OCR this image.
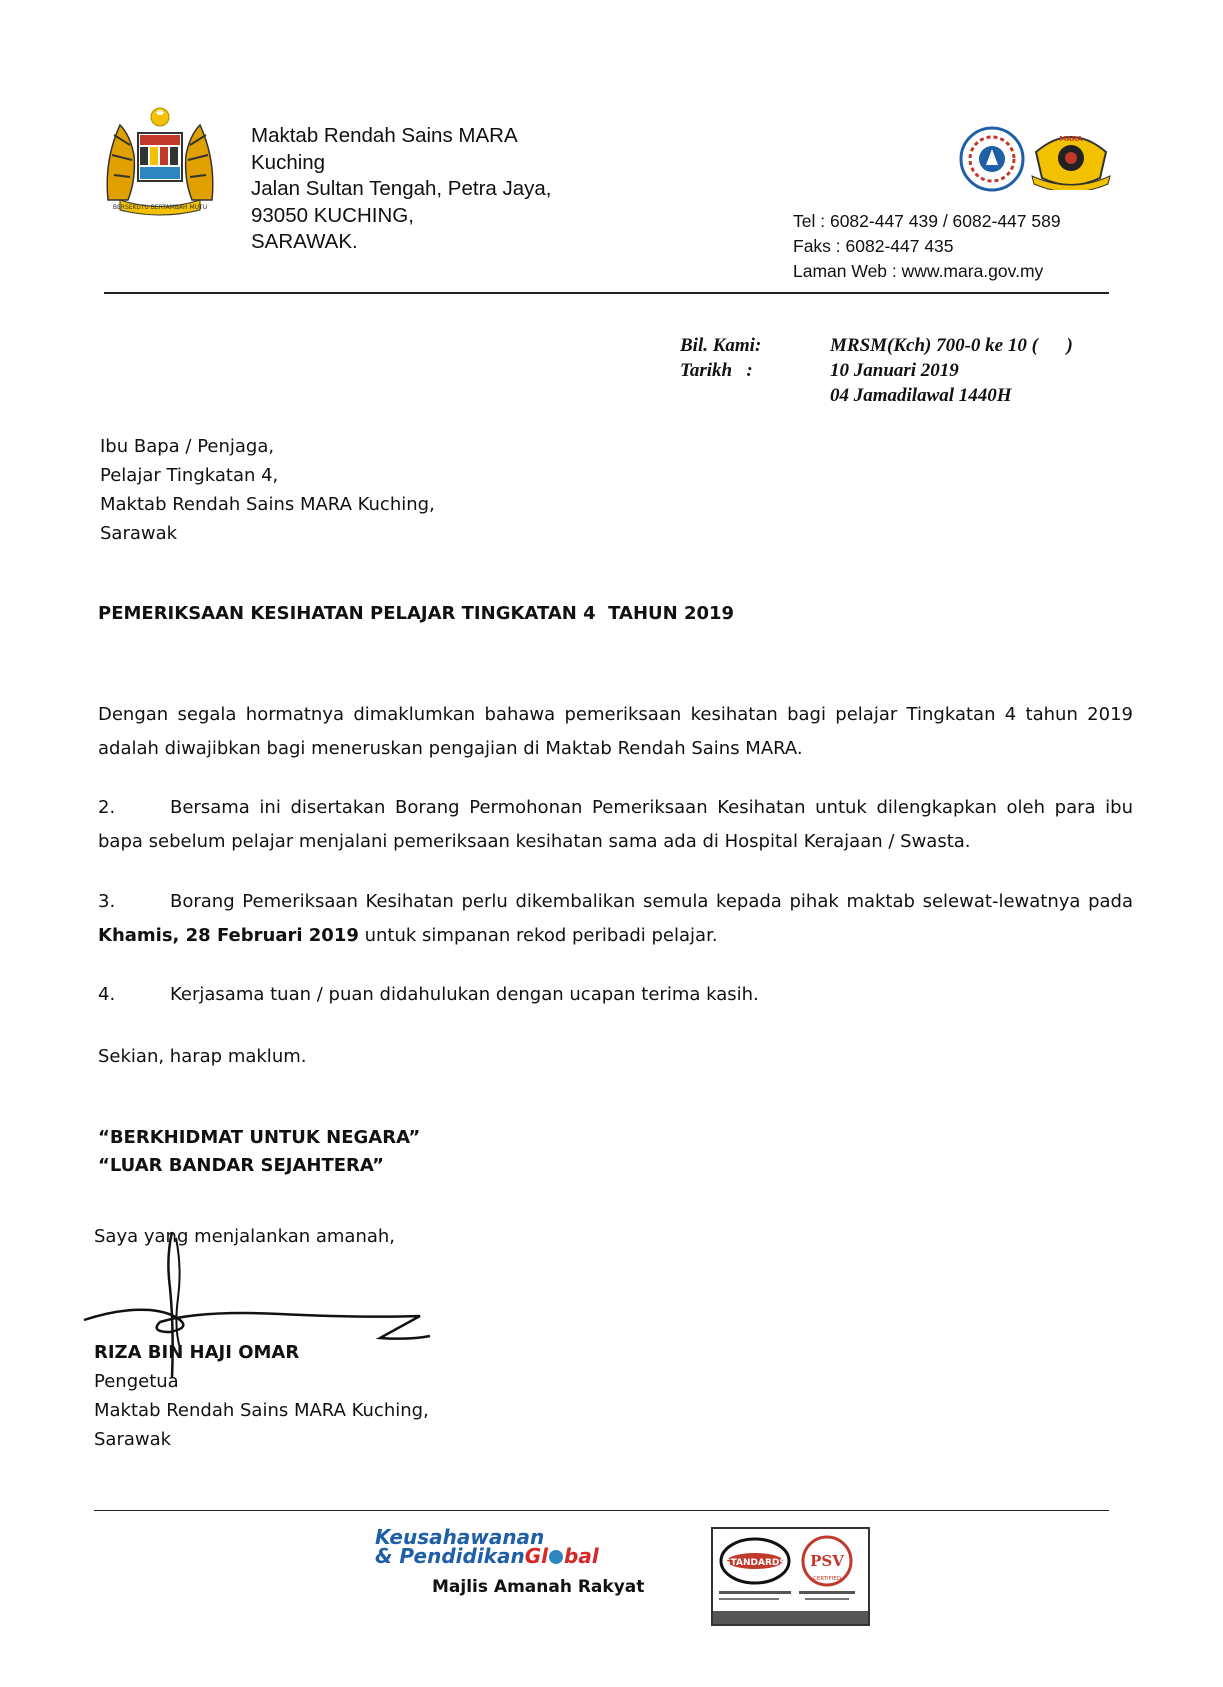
BERSEKUTU BERTAMBAH MUTU
Maktab Rendah Sains MARA
Kuching
Jalan Sultan Tengah, Petra Jaya,
93050 KUCHING,
SARAWAK.
MARA
Tel : 6082-447 439 / 6082-447 589
Faks : 6082-447 435
Laman Web : www.mara.gov.my
Bil. Kami:	MRSM(Kch) 700-0 ke 10 (      )
Tarikh   :	10 Januari 2019
04 Jamadilawal 1440H
Ibu Bapa / Penjaga,
Pelajar Tingkatan 4,
Maktab Rendah Sains MARA Kuching,
Sarawak
PEMERIKSAAN KESIHATAN PELAJAR TINGKATAN 4  TAHUN 2019
Dengan segala hormatnya dimaklumkan bahawa pemeriksaan kesihatan bagi pelajar Tingkatan 4 tahun 2019 adalah diwajibkan bagi meneruskan pengajian di Maktab Rendah Sains MARA.
2.	Bersama ini disertakan Borang Permohonan Pemeriksaan Kesihatan untuk dilengkapkan oleh para ibu bapa sebelum pelajar menjalani pemeriksaan kesihatan sama ada di Hospital Kerajaan / Swasta.
3.	Borang Pemeriksaan Kesihatan perlu dikembalikan semula kepada pihak maktab selewat-lewatnya pada Khamis, 28 Februari 2019 untuk simpanan rekod peribadi pelajar.
4.	Kerjasama tuan / puan didahulukan dengan ucapan terima kasih.
Sekian, harap maklum.
“BERKHIDMAT UNTUK NEGARA”
“LUAR BANDAR SEJAHTERA”
Saya yang menjalankan amanah,
RIZA BIN HAJI OMAR
Pengetua
Maktab Rendah Sains MARA Kuching,
Sarawak
Keusahawanan
& PendidikanGl bal
Majlis Amanah Rakyat
STANDARDS PSV
CERTIFIED
